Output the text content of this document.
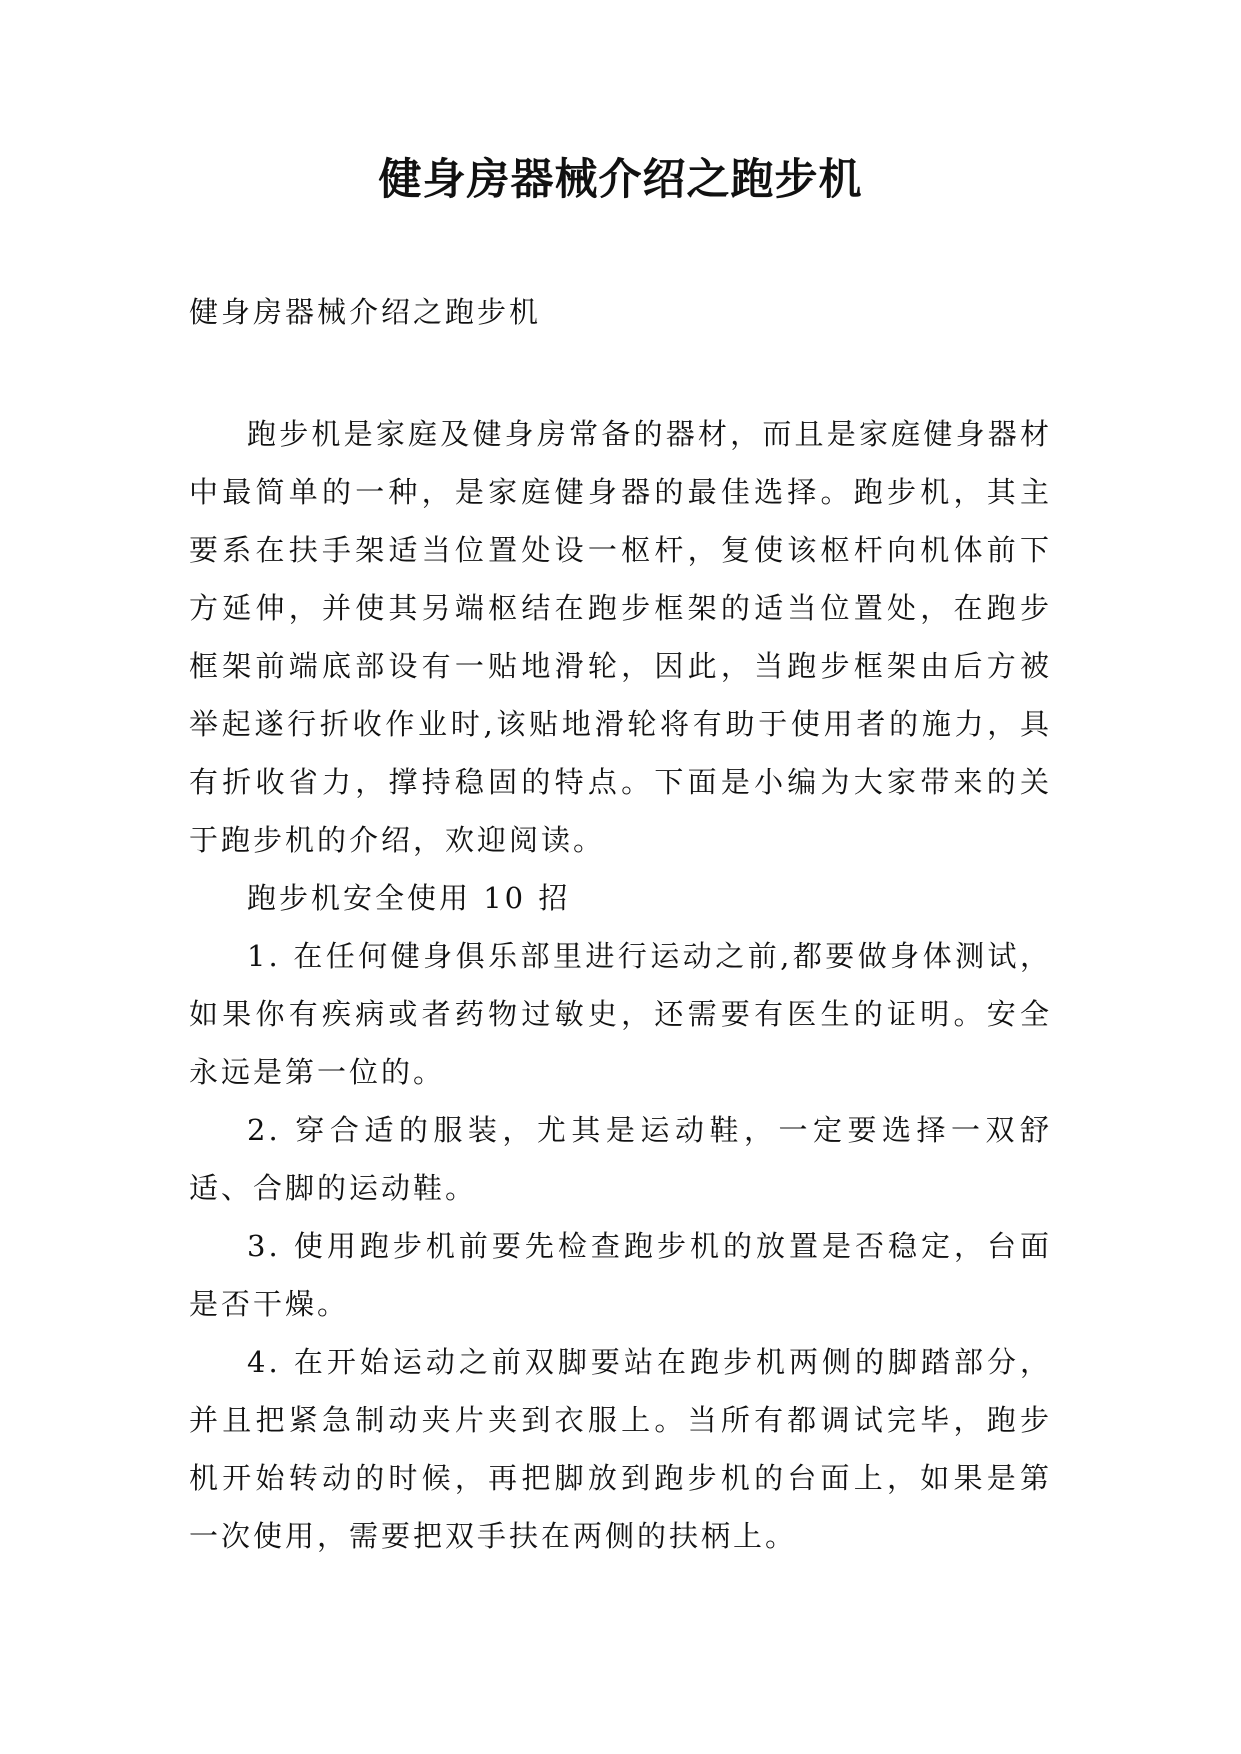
健身房器械介绍之跑步机

健身房器械介绍之跑步机

跑步机是家庭及健身房常备的器材，而且是家庭健身器材中最简单的一种，是家庭健身器的最佳选择。跑步机，其主要系在扶手架适当位置处设一枢杆，复使该枢杆向机体前下方延伸，并使其另端枢结在跑步框架的适当位置处，在跑步框架前端底部设有一贴地滑轮，因此，当跑步框架由后方被举起遂行折收作业时,该贴地滑轮将有助于使用者的施力，具有折收省力，撑持稳固的特点。下面是小编为大家带来的关于跑步机的介绍，欢迎阅读。

跑步机安全使用 10 招

1. 在任何健身俱乐部里进行运动之前,都要做身体测试，如果你有疾病或者药物过敏史，还需要有医生的证明。安全永远是第一位的。

2. 穿合适的服装，尤其是运动鞋，一定要选择一双舒适、合脚的运动鞋。

3. 使用跑步机前要先检查跑步机的放置是否稳定，台面是否干燥。

4. 在开始运动之前双脚要站在跑步机两侧的脚踏部分，并且把紧急制动夹片夹到衣服上。当所有都调试完毕，跑步机开始转动的时候，再把脚放到跑步机的台面上，如果是第一次使用，需要把双手扶在两侧的扶柄上。
